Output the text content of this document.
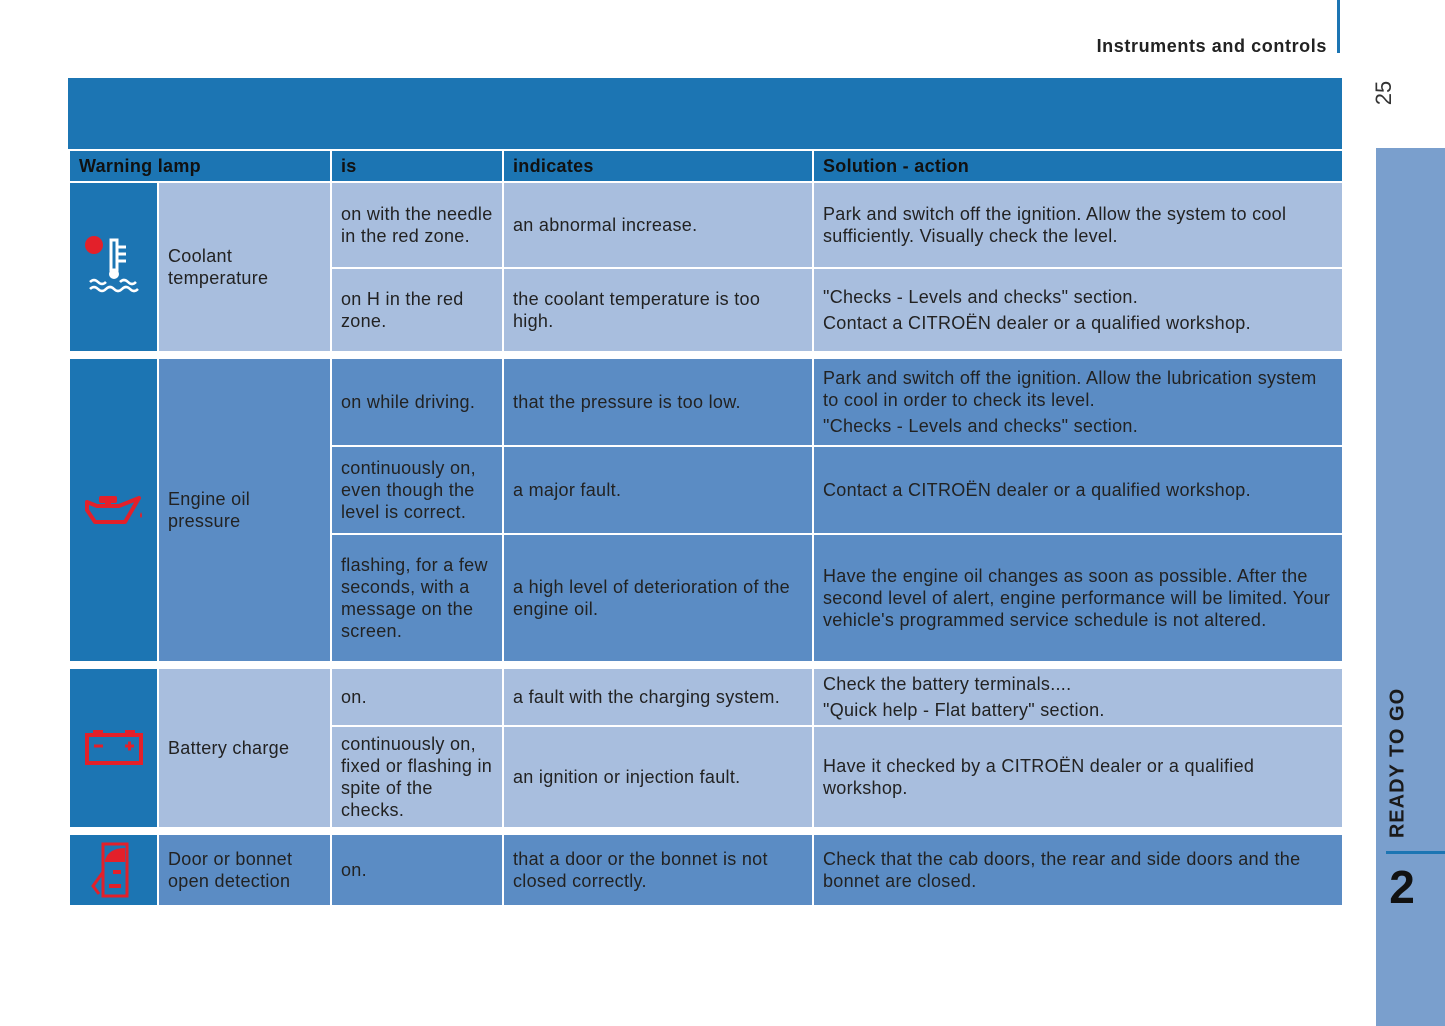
Instruments and controls
25
READY TO GO
2
Warning lamp		is	indicates	Solution - action

	Coolant temperature	on with the needle in the red zone.	an abnormal increase.	Park and switch off the ignition. Allow the system to cool sufficiently. Visually check the level.

		on H in the red zone.	the coolant temperature is too high.	"Checks - Levels and checks" section.
Contact a CITROËN dealer or a qualified workshop.

	Engine oil pressure	on while driving.	that the pressure is too low.	Park and switch off the ignition. Allow the lubrication system to cool in order to check its level.
"Checks - Levels and checks" section.

		continuously on, even though the level is correct.	a major fault.	Contact a CITROËN dealer or a qualified workshop.

		flashing, for a few seconds, with a message on the screen.	a high level of deterioration of the engine oil.	Have the engine oil changes as soon as possible. After the second level of alert, engine performance will be limited. Your vehicle's programmed service schedule is not altered.

	Battery charge	on.	a fault with the charging system.	Check the battery terminals....
"Quick help - Flat battery" section.

		continuously on, fixed or flashing in spite of the checks.	an ignition or injection fault.	Have it checked by a CITROËN dealer or a qualified workshop.

	Door or bonnet open detection	on.	that a door or the bonnet is not closed correctly.	Check that the cab doors, the rear and side doors and the bonnet are closed.
